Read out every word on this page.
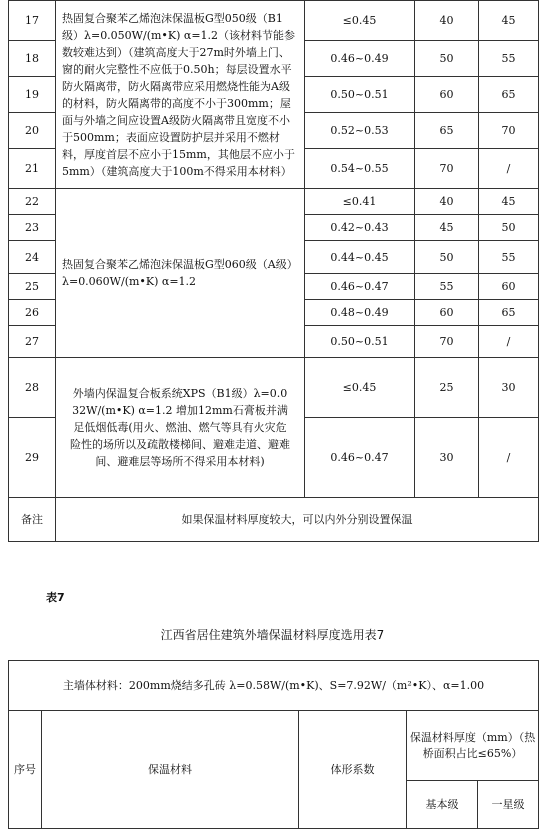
17	热固复合聚苯乙烯泡沫保温板G型050级（B1级）λ=0.050W/(m•K) α=1.2（该材料节能参数较难达到）（建筑高度大于27m时外墙上门、窗的耐火完整性不应低于0.50h；每层设置水平防火隔离带，防火隔离带应采用燃烧性能为A级的材料，防火隔离带的高度不小于300mm；屋面与外墙之间应设置A级防火隔离带且宽度不小于500mm；表面应设置防护层并采用不燃材料，厚度首层不应小于15mm，其他层不应小于5mm）（建筑高度大于100m不得采用本材料）	≤0.45	40	45
18		0.46~0.49	50	55
19		0.50~0.51	60	65
20		0.52~0.53	65	70
21		0.54~0.55	70	/
22	热固复合聚苯乙烯泡沫保温板G型060级（A级）λ=0.060W/(m•K) α=1.2	≤0.41	40	45
23		0.42~0.43	45	50
24		0.44~0.45	50	55
25		0.46~0.47	55	60
26		0.48~0.49	60	65
27		0.50~0.51	70	/
28	外墙内保温复合板系统XPS（B1级）λ=0.032W/(m•K) α=1.2 增加12mm石膏板并满足低烟低毒(用火、燃油、燃气等具有火灾危险性的场所以及疏散楼梯间、避难走道、避难间、避难层等场所不得采用本材料)	≤0.45	25	30
29		0.46~0.47	30	/
备注	如果保温材料厚度较大，可以内外分别设置保温			
表7
江西省居住建筑外墙保温材料厚度选用表7
主墙体材料：200mm烧结多孔砖 λ=0.58W/(m•K)、S=7.92W/（m²•K）、α=1.00				
序号	保温材料	体形系数	保温材料厚度（mm）（热桥面积占比≤65%）	
			基本级	一星级
